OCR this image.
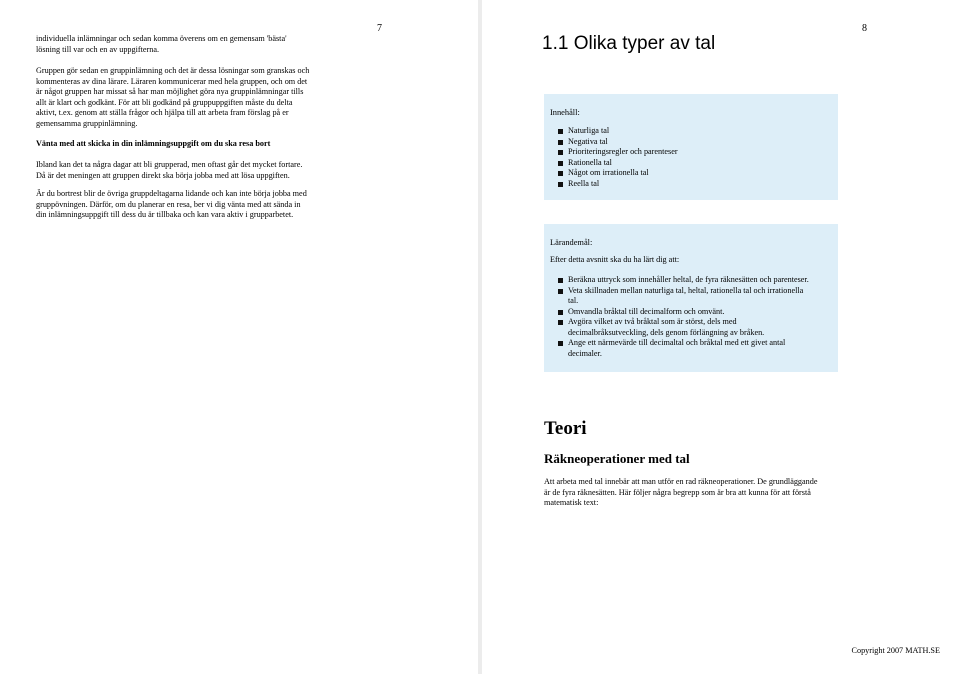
7
individuella inlämningar och sedan komma överens om en gemensam 'bästa'
lösning till var och en av uppgifterna.
Gruppen gör sedan en gruppinlämning och det är dessa lösningar som granskas och
kommenteras av dina lärare. Läraren kommunicerar med hela gruppen, och om det
är något gruppen har missat så har man möjlighet göra nya gruppinlämningar tills
allt är klart och godkänt. För att bli godkänd på gruppuppgiften måste du delta
aktivt, t.ex. genom att ställa frågor och hjälpa till att arbeta fram förslag på er
gemensamma gruppinlämning.
Vänta med att skicka in din inlämningsuppgift om du ska resa bort
Ibland kan det ta några dagar att bli grupperad, men oftast går det mycket fortare.
Då är det meningen att gruppen direkt ska börja jobba med att lösa uppgiften.
Är du bortrest blir de övriga gruppdeltagarna lidande och kan inte börja jobba med
gruppövningen. Därför, om du planerar en resa, ber vi dig vänta med att sända in
din inlämningsuppgift till dess du är tillbaka och kan vara aktiv i grupparbetet.
8
1.1 Olika typer av tal
Innehåll:
Naturliga tal
Negativa tal
Prioriteringsregler och parenteser
Rationella tal
Något om irrationella tal
Reella tal
Lärandemål:
Efter detta avsnitt ska du ha lärt dig att:
Beräkna uttryck som innehåller heltal, de fyra räknesätten och parenteser.
Veta skillnaden mellan naturliga tal, heltal, rationella tal och irrationella
tal.
Omvandla bråktal till decimalform och omvänt.
Avgöra vilket av två bråktal som är störst, dels med
decimalbråksutveckling, dels genom förlängning av bråken.
Ange ett närmevärde till decimaltal och bråktal med ett givet antal
decimaler.
Teori
Räkneoperationer med tal
Att arbeta med tal innebär att man utför en rad räkneoperationer. De grundläggande
är de fyra räknesätten. Här följer några begrepp som är bra att kunna för att förstå
matematisk text:
Copyright 2007 MATH.SE
